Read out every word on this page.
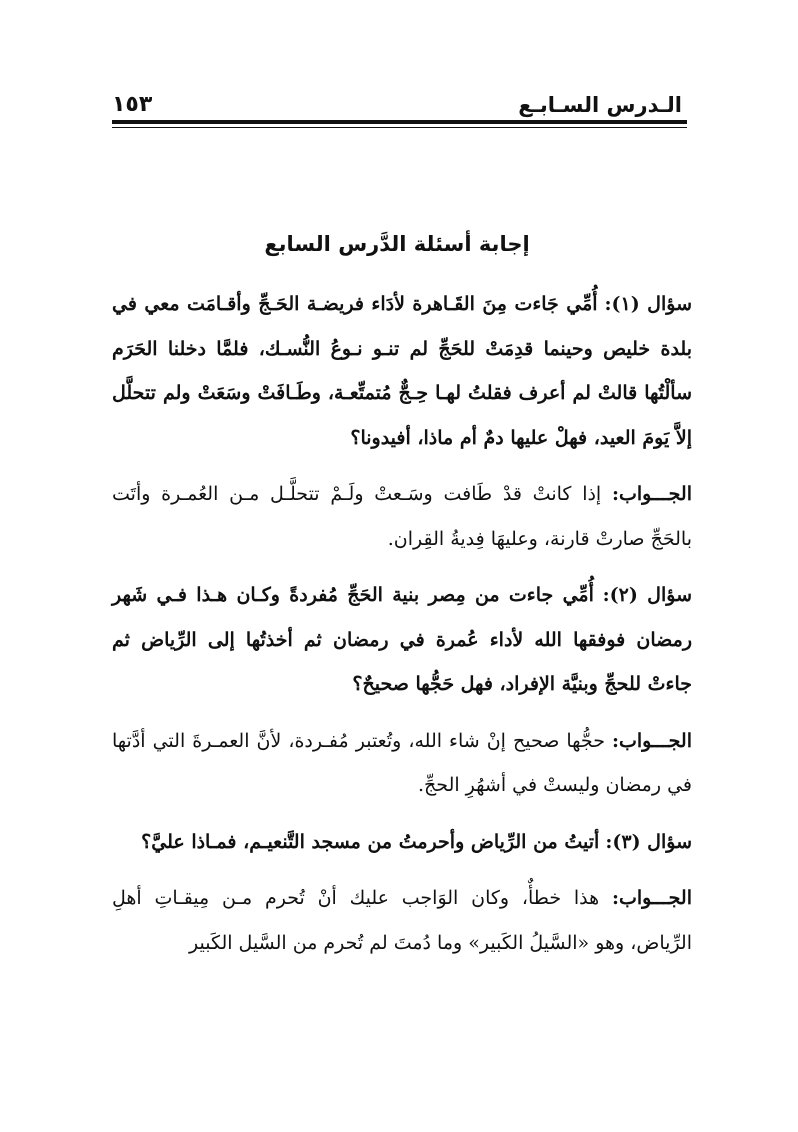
الـدرس السـابـع
١٥٣
إجابة أسئلة الدَّرس السابع

سؤال (١): أُمِّي جَاءت مِنَ القَـاهرة لأدَاء فريضـة الحَـجِّ وأقـامَت معي في بلدة خليص وحينما قدِمَتْ للحَجِّ لم تنـو نـوعُ النُّسـك، فلمَّا دخلنا الحَرَم سألْتُها قالتْ لم أعرف فقلتُ لهـا حِـجٌّ مُتمتِّعـة، وطَـافَتْ وسَعَتْ ولم تتحلَّل إلاَّ يَومَ العيد، فهلْ عليها دمٌ أم ماذا، أفيدونا؟

الجـــواب: إذا كانتْ قدْ طَافت وسَـعتْ ولَـمْ تتحلَّـل مـن العُمـرة وأتَت بالحَجِّ صارتْ قارنة، وعليهَا فِديةُ القِران.

سؤال (٢): أُمِّي جاءت من مِصر بنية الحَجِّ مُفردةً وكـان هـذا فـي شَهر رمضان فوفقها الله لأداء عُمرة في رمضان ثم أخذتُها إلى الرِّياض ثم جاءتْ للحجِّ وبنيَّة الإفراد، فهل حَجُّها صحيحٌ؟

الجـــواب: حجُّها صحيح إنْ شاء الله، وتُعتبر مُفـردة، لأنَّ العمـرةَ التي أدَّتها في رمضان وليستْ في أشهُرِ الحجِّ.

سؤال (٣): أتيتُ من الرِّياض وأحرمتُ من مسجد التَّنعيـم، فمـاذا عليَّ؟

الجـــواب: هذا خطأٌ، وكان الوَاجب عليك أنْ تُحرم مـن مِيقـاتِ أهلِ الرِّياض، وهو «السَّيلُ الكَبير» وما دُمتَ لم تُحرم من السَّيل الكَبير
